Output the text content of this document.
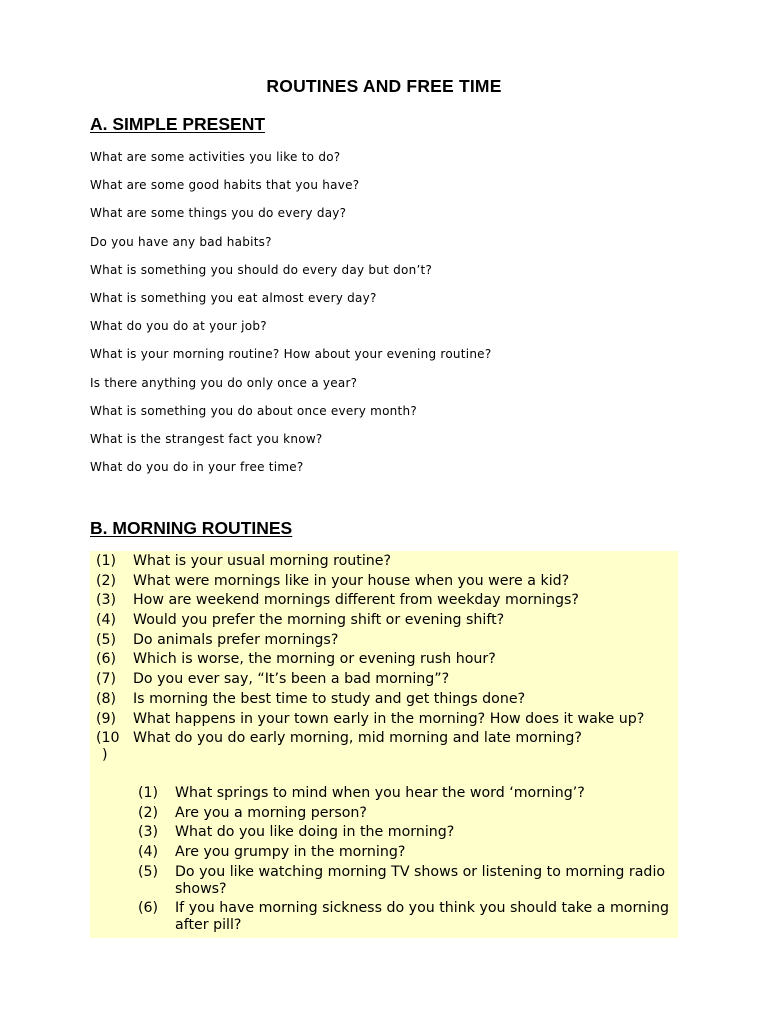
ROUTINES AND FREE TIME
A. SIMPLE PRESENT
What are some activities you like to do?
What are some good habits that you have?
What are some things you do every day?
Do you have any bad habits?
What is something you should do every day but don’t?
What is something you eat almost every day?
What do you do at your job?
What is your morning routine? How about your evening routine?
Is there anything you do only once a year?
What is something you do about once every month?
What is the strangest fact you know?
What do you do in your free time?
B. MORNING ROUTINES
(1)	What is your usual morning routine?
(2)	What were mornings like in your house when you were a kid?
(3)	How are weekend mornings different from weekday mornings?
(4)	Would you prefer the morning shift or evening shift?
(5)	Do animals prefer mornings?
(6)	Which is worse, the morning or evening rush hour?
(7)	Do you ever say, “It’s been a bad morning”?
(8)	Is morning the best time to study and get things done?
(9)	What happens in your town early in the morning? How does it wake up?
(10
)
What do you do early morning, mid morning and late morning?
(1)	What springs to mind when you hear the word ‘morning’?
(2)	Are you a morning person?
(3)	What do you like doing in the morning?
(4)	Are you grumpy in the morning?
(5)	Do you like watching morning TV shows or listening to morning radio shows?
(6)	If you have morning sickness do you think you should take a morning after pill?
